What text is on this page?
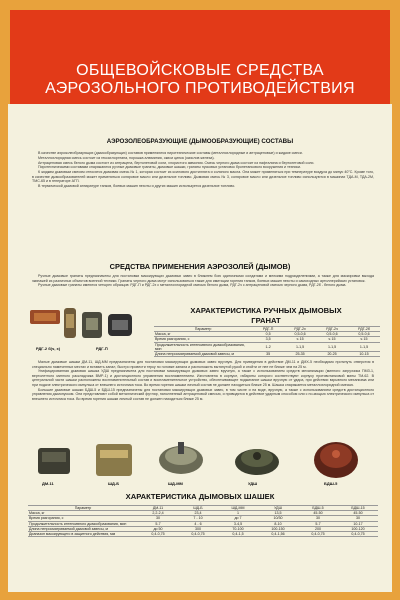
ОБЩЕВОЙСКОВЫЕ СРЕДСТВА
АЭРОЗОЛЬНОГО ПРОТИВОДЕЙСТВИЯ
АЭРОЗОЛЕОБРАЗУЮЩИЕ (ДЫМООБРАЗУЮЩИЕ) СОСТАВЫ

В качестве аэрозолеобразующих (дымообразующих) составов применяются пиротехнические составы (металлохлоридные и антраценовые) и жидкие смеси.

Металлохлоридная смесь состоит из гексахлорэтана, порошка алюминия, окиси цинка (окислов железа).

Антраценовая смесь белого дыма состоит из антрацена, бертолетовой соли, хлористого аммония. Смесь черного дыма состоит из нафталина и бертолетовой соли.

Пиротехническими составами снаряжаются ручные дымовые гранаты, дымовые шашки, гранаты пусковых установок бронетанкового вооружения и техники.

К жидким дымовым смесям относятся дымовая смесь № 1, которая состоит из ксилового дистиллята и соляного масла. Она может применяться при температуре воздуха до минус 40°С. Кроме того, в качестве дымообразователей может применяться соляровое масло или дизельное топливо. Дымовая смесь № 3, соляровое масло или дизельное топливо используются в машинах ТДА-М, ТДА-2М, ТМС-65 и в генераторе АГП.

В термической дымовой аппаратуре танков, боевых машин пехоты и других машин используется дизельное топливо.

СРЕДСТВА ПРИМЕНЕНИЯ АЭРОЗОЛЕЙ (ДЫМОВ)

Ручные дымовые гранаты предназначены для постановки маскирующих дымовых завес в ближнем бою одиночными солдатами и мелкими подразделениями, а также для маскировки выхода экипажей из различных объектов военной техники. Гранаты черного дыма могут использоваться также для имитации горения танков, боевых машин пехоты и самоходных артиллерийских установок.

Ручные дымовые гранаты имеются четырех образцов: РДГ-П и РДГ-2х с металлохлоридной смесью белого дыма, РДГ-2ч с антраценовой смесью черного дыма, РДГ-2б - белого дыма.

ХАРАКТЕРИСТИКА РУЧНЫХ ДЫМОВЫХ
ГРАНАТ
РДГ-2 б(ч, х)	РДГ-П
Параметр	РДГ-П	РДГ-2х	РДГ-2ч	РДГ-2б
Масса, кг	0,5	0,5-0,6	0,5-0,6	0,5-0,6
Время разгорания, с	3,5	≤ 15	≤ 15	≤ 15
Продолжительность интенсивного дымообразования, мин	1-2	1-1,5	1-1,5	1-1,5
Длина непросматриваемой дымовой завесы, м	35	25-35	20-25	10-15

Малые дымовые шашки ДМ-11, ШД-ММ предназначены для постановки маскирующих дымовых завес вручную. Для приведения в действие ДМ-11 и ДМХ-5 необходимо проткнуть отверстия в специально намеченных местах и вставить запал, быстро провести терку по головке запала и расположить вытянутой рукой и отойти от нее не ближе чем на 25 м.

Унифицированная дымовая шашка УДШ предназначена для постановки маскирующих дымовых завес вручную, а также с использованием средств механизации (минного загрузчика ПМЗ-1, вертолетного минного раскладчика ВМР-1) и дистанционного управления воспламенением. Изготовлена в корпусе, габариты которого соответствуют корпусу противотанковой мины ТМ-62. В центральной части шашки расположены воспламенительный состав и воспламенительное устройство, обеспечивающее поджигание шашки вручную от удара, при действии взрывного механизма или при подаче электрического импульса от внешнего источника тока. Во время горения шашки личный состав не должен находиться ближе 25 м. Шашка снаряжается металлохлоридной смесью.

Большие дымовые шашки БДШ-5 и БДШ-15 предназначены для постановки маскирующих дымовых завес, в том числе и на воде, вручную, а также с использованием средств дистанционного управления дымопуском. Они представляют собой металлический футляр, наполненный антраценовой смесью, и приводятся в действие ударным способом или с по-мощью электрического импульса от внешнего источника тока. Во время горения шашки личный состав не должен находиться ближе 25 м.

ДМ-11	ШД-Б	ШД-ММ	УДШ	БДШ-5
ХАРАКТЕРИСТИКА ДЫМОВЫХ ШАШЕК
Параметр	ДМ-11	ШД-Б	ШД-ММ	УДШ	БДШ-5	БДШ-15
Масса, кг	2,2-2,4	23,4	1	13,5	45-50	45-50
Время разгорания, с	30	7 - 10	до 7	10/30	30	30
Продолжительность интенсивного дымообразования, мин	5-7	4 - 6	3-4,5	8-10	5-7	10-17
Длина непросматриваемой дымовой завесы, м	до 50	300	70-100	100-150	200	100-120
Диапазон маскирующего в защитного действия, мм	0,4-0,75	0,4-0,75	0,4-1,5	0,4-1,56	0,4-0,75	0,4-0,75
